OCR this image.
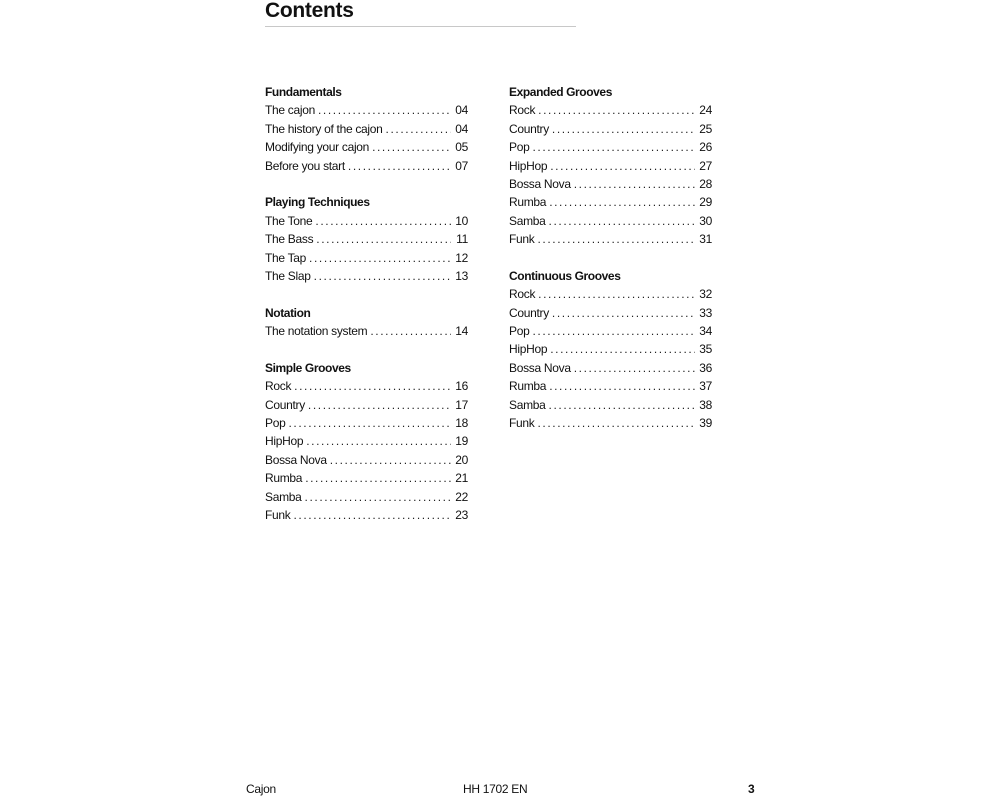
Contents
Fundamentals
The cajon .....	04
The history of the cajon .....	04
Modifying your cajon .....	05
Before you start .....	07
Playing Techniques
The Tone .....	10
The Bass .....	11
The Tap .....	12
The Slap .....	13
Notation
The notation system .....	14
Simple Grooves
Rock .....	16
Country .....	17
Pop .....	18
HipHop .....	19
Bossa Nova .....	20
Rumba .....	21
Samba .....	22
Funk .....	23
Expanded Grooves
Rock .....	24
Country .....	25
Pop .....	26
HipHop .....	27
Bossa Nova .....	28
Rumba .....	29
Samba .....	30
Funk .....	31
Continuous Grooves
Rock .....	32
Country .....	33
Pop .....	34
HipHop .....	35
Bossa Nova .....	36
Rumba .....	37
Samba .....	38
Funk .....	39
Cajon	HH 1702 EN	3
